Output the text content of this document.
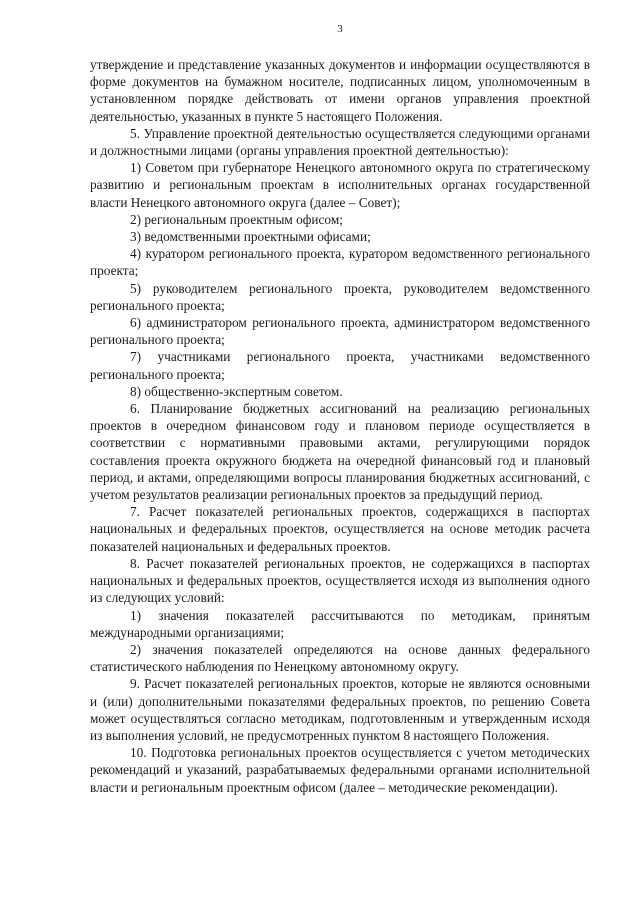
3

утверждение и представление указанных документов и информации осуществляются в форме документов на бумажном носителе, подписанных лицом, уполномоченным в установленном порядке действовать от имени органов управления проектной деятельностью, указанных в пункте 5 настоящего Положения.

5. Управление проектной деятельностью осуществляется следующими органами и должностными лицами (органы управления проектной деятельностью):

1) Советом при губернаторе Ненецкого автономного округа по стратегическому развитию и региональным проектам в исполнительных органах государственной власти Ненецкого автономного округа (далее – Совет);

2) региональным проектным офисом;

3) ведомственными проектными офисами;

4) куратором регионального проекта, куратором ведомственного регионального проекта;

5) руководителем регионального проекта, руководителем ведомственного регионального проекта;

6) администратором регионального проекта, администратором ведомственного регионального проекта;

7) участниками регионального проекта, участниками ведомственного регионального проекта;

8) общественно-экспертным советом.

6. Планирование бюджетных ассигнований на реализацию региональных проектов в очередном финансовом году и плановом периоде осуществляется в соответствии с нормативными правовыми актами, регулирующими порядок составления проекта окружного бюджета на очередной финансовый год и плановый период, и актами, определяющими вопросы планирования бюджетных ассигнований, с учетом результатов реализации региональных проектов за предыдущий период.

7. Расчет показателей региональных проектов, содержащихся в паспортах национальных и федеральных проектов, осуществляется на основе методик расчета показателей национальных и федеральных проектов.

8. Расчет показателей региональных проектов, не содержащихся в паспортах национальных и федеральных проектов, осуществляется исходя из выполнения одного из следующих условий:

1) значения показателей рассчитываются по методикам, принятым международными организациями;

2) значения показателей определяются на основе данных федерального статистического наблюдения по Ненецкому автономному округу.

9. Расчет показателей региональных проектов, которые не являются основными и (или) дополнительными показателями федеральных проектов, по решению Совета может осуществляться согласно методикам, подготовленным и утвержденным исходя из выполнения условий, не предусмотренных пунктом 8 настоящего Положения.

10. Подготовка региональных проектов осуществляется с учетом методических рекомендаций и указаний, разрабатываемых федеральными органами исполнительной власти и региональным проектным офисом (далее – методические рекомендации).
